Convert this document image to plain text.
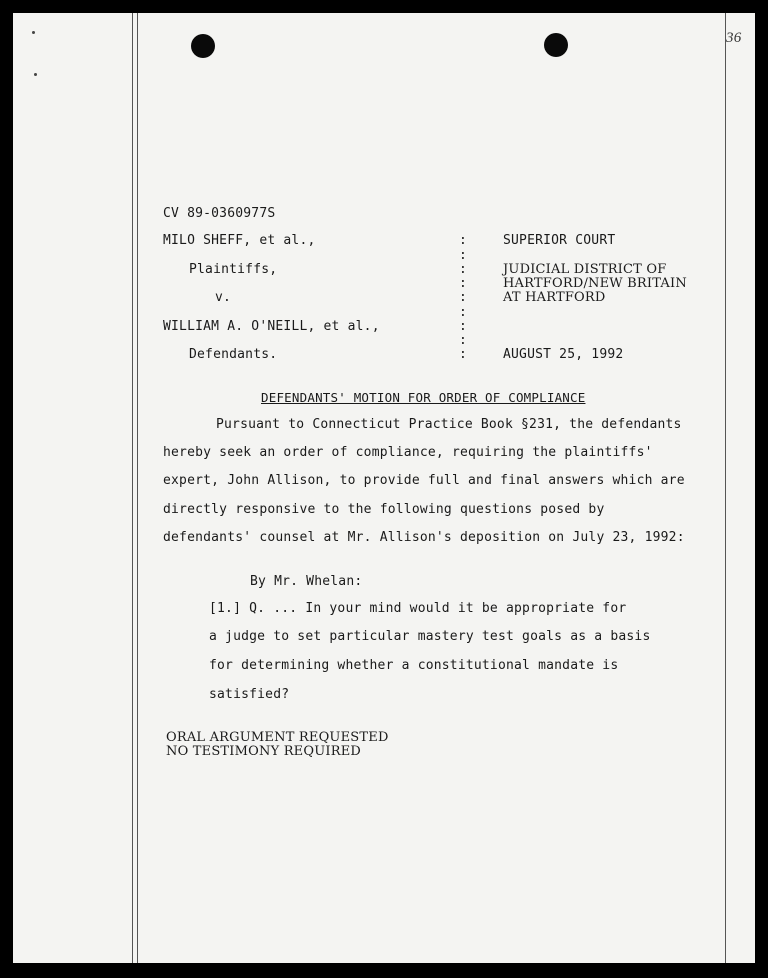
36
CV 89-0360977S
MILO SHEFF, et al.,
Plaintiffs,
v.
WILLIAM A. O'NEILL, et al.,
Defendants.
:
:
:
:
:
:
:
:
:
SUPERIOR COURT
JUDICIAL DISTRICT OF
HARTFORD/NEW BRITAIN
AT HARTFORD
AUGUST 25, 1992
DEFENDANTS' MOTION FOR ORDER OF COMPLIANCE
Pursuant to Connecticut Practice Book §231, the defendants
hereby seek an order of compliance, requiring the plaintiffs'
expert, John Allison, to provide full and final answers which are
directly responsive to the following questions posed by
defendants' counsel at Mr. Allison's deposition on July 23, 1992:
By Mr. Whelan:
[1.] Q. ... In your mind would it be appropriate for
a judge to set particular mastery test goals as a basis
for determining whether a constitutional mandate is
satisfied?
ORAL ARGUMENT REQUESTED
NO TESTIMONY REQUIRED
